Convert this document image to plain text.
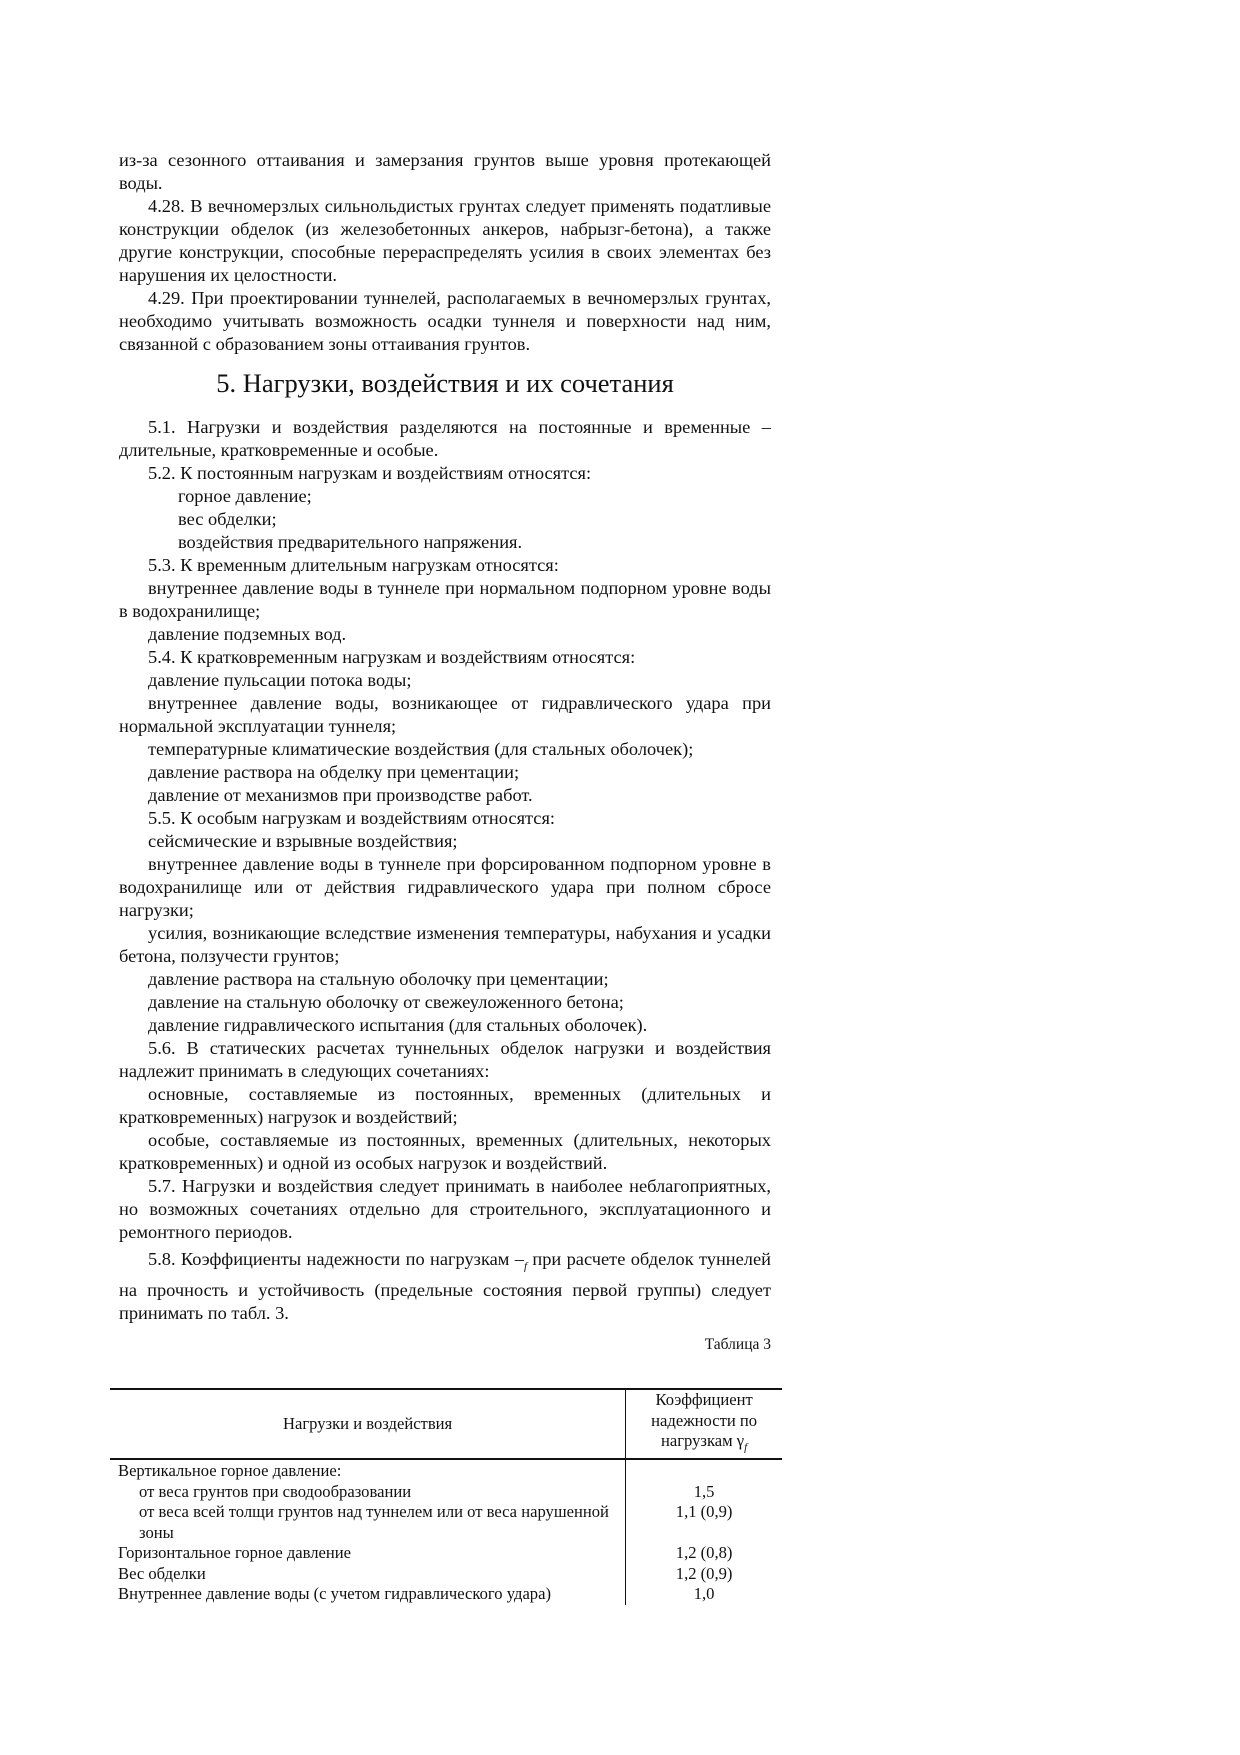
из-за сезонного оттаивания и замерзания грунтов выше уровня протекающей воды.

4.28. В вечномерзлых сильнольдистых грунтах следует применять податливые конструкции обделок (из железобетонных анкеров, набрызг-бетона), а также другие конструкции, способные перераспределять усилия в своих элементах без нарушения их целостности.

4.29. При проектировании туннелей, располагаемых в вечномерзлых грунтах, необходимо учитывать возможность осадки туннеля и поверхности над ним, связанной с образованием зоны оттаивания грунтов.

5. Нагрузки, воздействия и их сочетания

5.1. Нагрузки и воздействия разделяются на постоянные и временные – длительные, кратковременные и особые.

5.2. К постоянным нагрузкам и воздействиям относятся:

горное давление;

вес обделки;

воздействия предварительного напряжения.

5.3. К временным длительным нагрузкам относятся:

внутреннее давление воды в туннеле при нормальном подпорном уровне воды в водохранилище;

давление подземных вод.

5.4. К кратковременным нагрузкам и воздействиям относятся:

давление пульсации потока воды;

внутреннее давление воды, возникающее от гидравлического удара при нормальной эксплуатации туннеля;

температурные климатические воздействия (для стальных оболочек);

давление раствора на обделку при цементации;

давление от механизмов при производстве работ.

5.5. К особым нагрузкам и воздействиям относятся:

сейсмические и взрывные воздействия;

внутреннее давление воды в туннеле при форсированном подпорном уровне в водохранилище или от действия гидравлического удара при полном сбросе нагрузки;

усилия, возникающие вследствие изменения температуры, набухания и усадки бетона, ползучести грунтов;

давление раствора на стальную оболочку при цементации;

давление на стальную оболочку от свежеуложенного бетона;

давление гидравлического испытания (для стальных оболочек).

5.6. В статических расчетах туннельных обделок нагрузки и воздействия надлежит принимать в следующих сочетаниях:

основные, составляемые из постоянных, временных (длительных и кратковременных) нагрузок и воздействий;

особые, составляемые из постоянных, временных (длительных, некоторых кратковременных) и одной из особых нагрузок и воздействий.

5.7. Нагрузки и воздействия следует принимать в наиболее неблагоприятных, но возможных сочетаниях отдельно для строительного, эксплуатационного и ремонтного периодов.

5.8. Коэффициенты надежности по нагрузкам $-_f$ при расчете обделок туннелей на прочность и устойчивость (предельные состояния первой группы) следует принимать по табл. 3.

Таблица 3

Нагрузки и воздействия	Коэффициент надежности по нагрузкам $\gamma_f$
Вертикальное горное давление:	
от веса грунтов при сводообразовании	1,5
от веса всей толщи грунтов над туннелем или от веса нарушенной зоны	1,1 (0,9)
Горизонтальное горное давление	1,2 (0,8)
Вес обделки	1,2 (0,9)
Внутреннее давление воды (с учетом гидравлического удара)	1,0
